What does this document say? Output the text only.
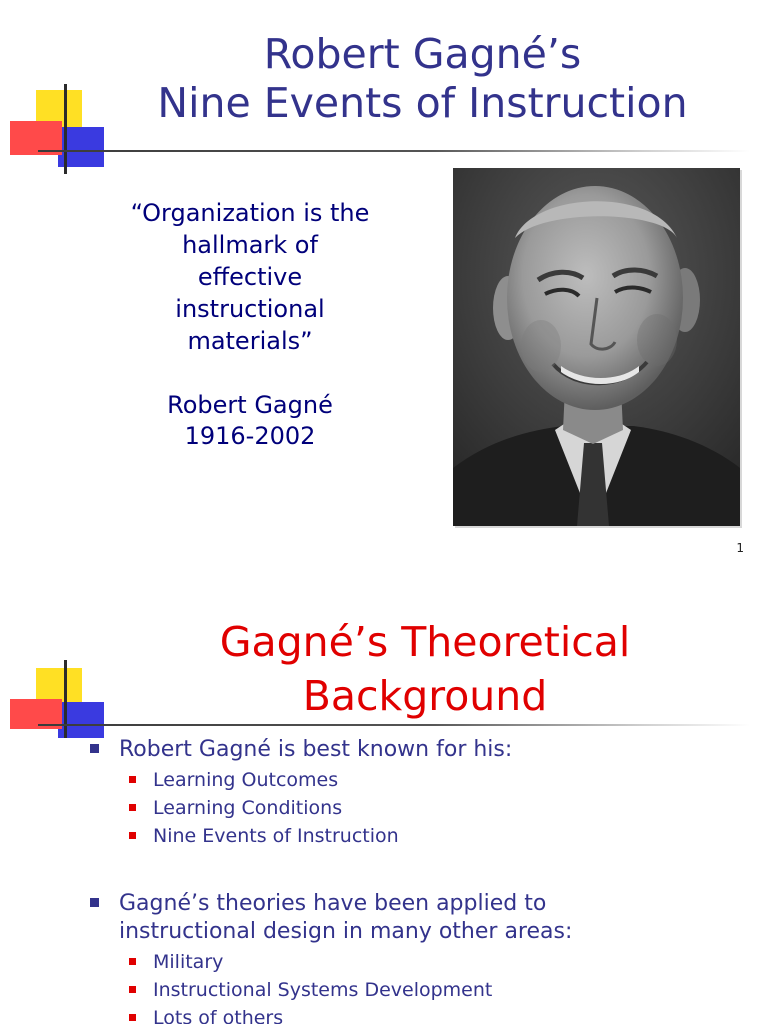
Robert Gagné’s
Nine Events of Instruction
“Organization is the
hallmark of
effective
instructional
materials”
Robert Gagné
1916-2002
1
Gagné’s Theoretical
Background
Robert Gagné is best known for his:
Learning Outcomes
Learning Conditions
Nine Events of Instruction
Gagné’s theories have been applied to
instructional design in many other areas:
Military
Instructional Systems Development
Lots of others
